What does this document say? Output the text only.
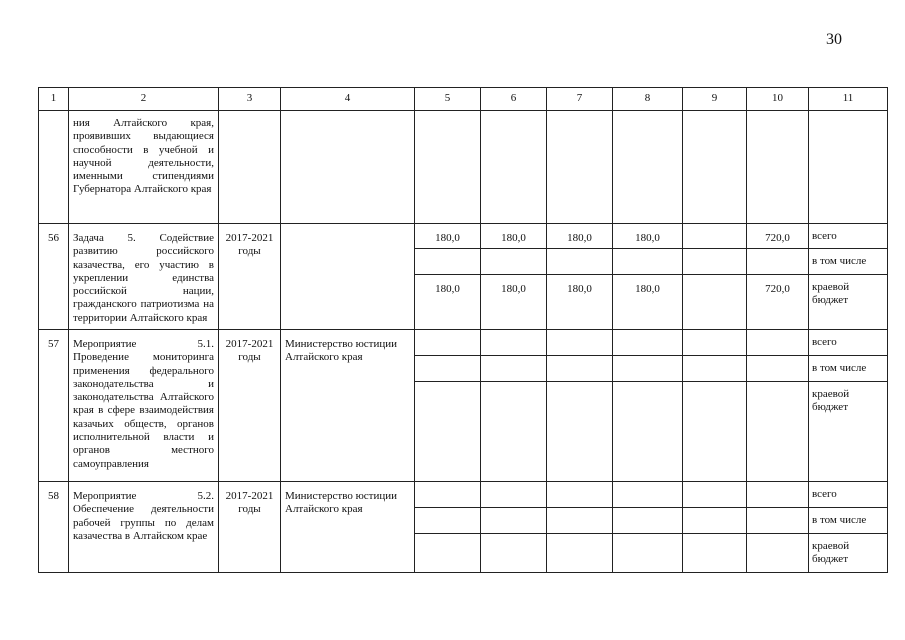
30
1	2	3	4	5	6	7	8	9	10	11
	ния Алтайского края, проявивших выдающиеся способности в учебной и научной деятельности, именными стипендиями Губернатора Алтайского края									
56	Задача 5. Содействие развитию российского казачества, его участию в укреплении единства российской нации, гражданского патриотизма на территории Алтайского края	2017-2021 годы		180,0	180,0	180,0	180,0		720,0	всего
										в том числе
				180,0	180,0	180,0	180,0		720,0	краевой бюджет
57	Мероприятие 5.1. Проведение мониторинга применения федерального законодательства и законодательства Алтайского края в сфере взаимодействия казачьих обществ, органов исполнительной власти и органов местного самоуправления	2017-2021 годы	Министерство юстиции Алтайского края							всего
										в том числе
										краевой бюджет
58	Мероприятие 5.2. Обеспечение деятельности рабочей группы по делам казачества в Алтайском крае	2017-2021 годы	Министерство юстиции Алтайского края							всего
										в том числе
										краевой бюджет
